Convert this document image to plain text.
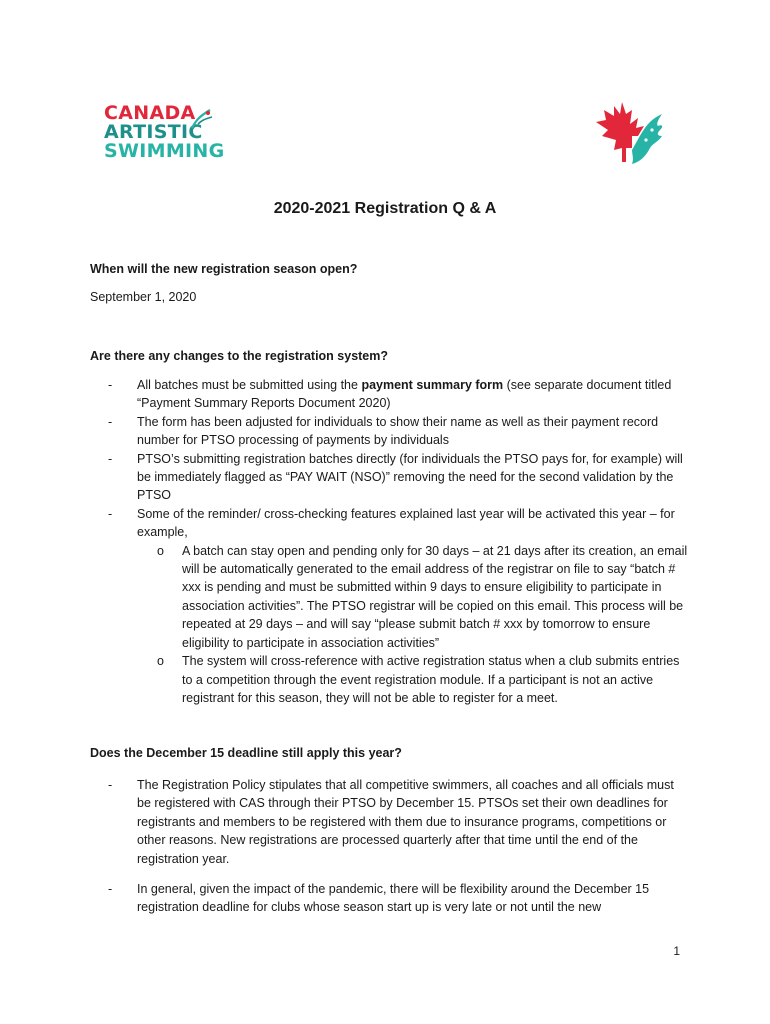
CANADA
ARTISTIC
SWIMMING
2020-2021 Registration Q & A
When will the new registration season open?
September 1, 2020
Are there any changes to the registration system?
- All batches must be submitted using the payment summary form (see separate document titled “Payment Summary Reports Document 2020)
- The form has been adjusted for individuals to show their name as well as their payment record number for PTSO processing of payments by individuals
- PTSO’s submitting registration batches directly (for individuals the PTSO pays for, for example) will be immediately flagged as “PAY WAIT (NSO)” removing the need for the second validation by the PTSO
- Some of the reminder/ cross-checking features explained last year will be activated this year – for example,
o A batch can stay open and pending only for 30 days – at 21 days after its creation, an email will be automatically generated to the email address of the registrar on file to say “batch # xxx is pending and must be submitted within 9 days to ensure eligibility to participate in association activities”. The PTSO registrar will be copied on this email. This process will be repeated at 29 days – and will say “please submit batch # xxx by tomorrow to ensure eligibility to participate in association activities”
o The system will cross-reference with active registration status when a club submits entries to a competition through the event registration module. If a participant is not an active registrant for this season, they will not be able to register for a meet.
Does the December 15 deadline still apply this year?
- The Registration Policy stipulates that all competitive swimmers, all coaches and all officials must be registered with CAS through their PTSO by December 15. PTSOs set their own deadlines for registrants and members to be registered with them due to insurance programs, competitions or other reasons. New registrations are processed quarterly after that time until the end of the registration year.
- In general, given the impact of the pandemic, there will be flexibility around the December 15 registration deadline for clubs whose season start up is very late or not until the new
1
